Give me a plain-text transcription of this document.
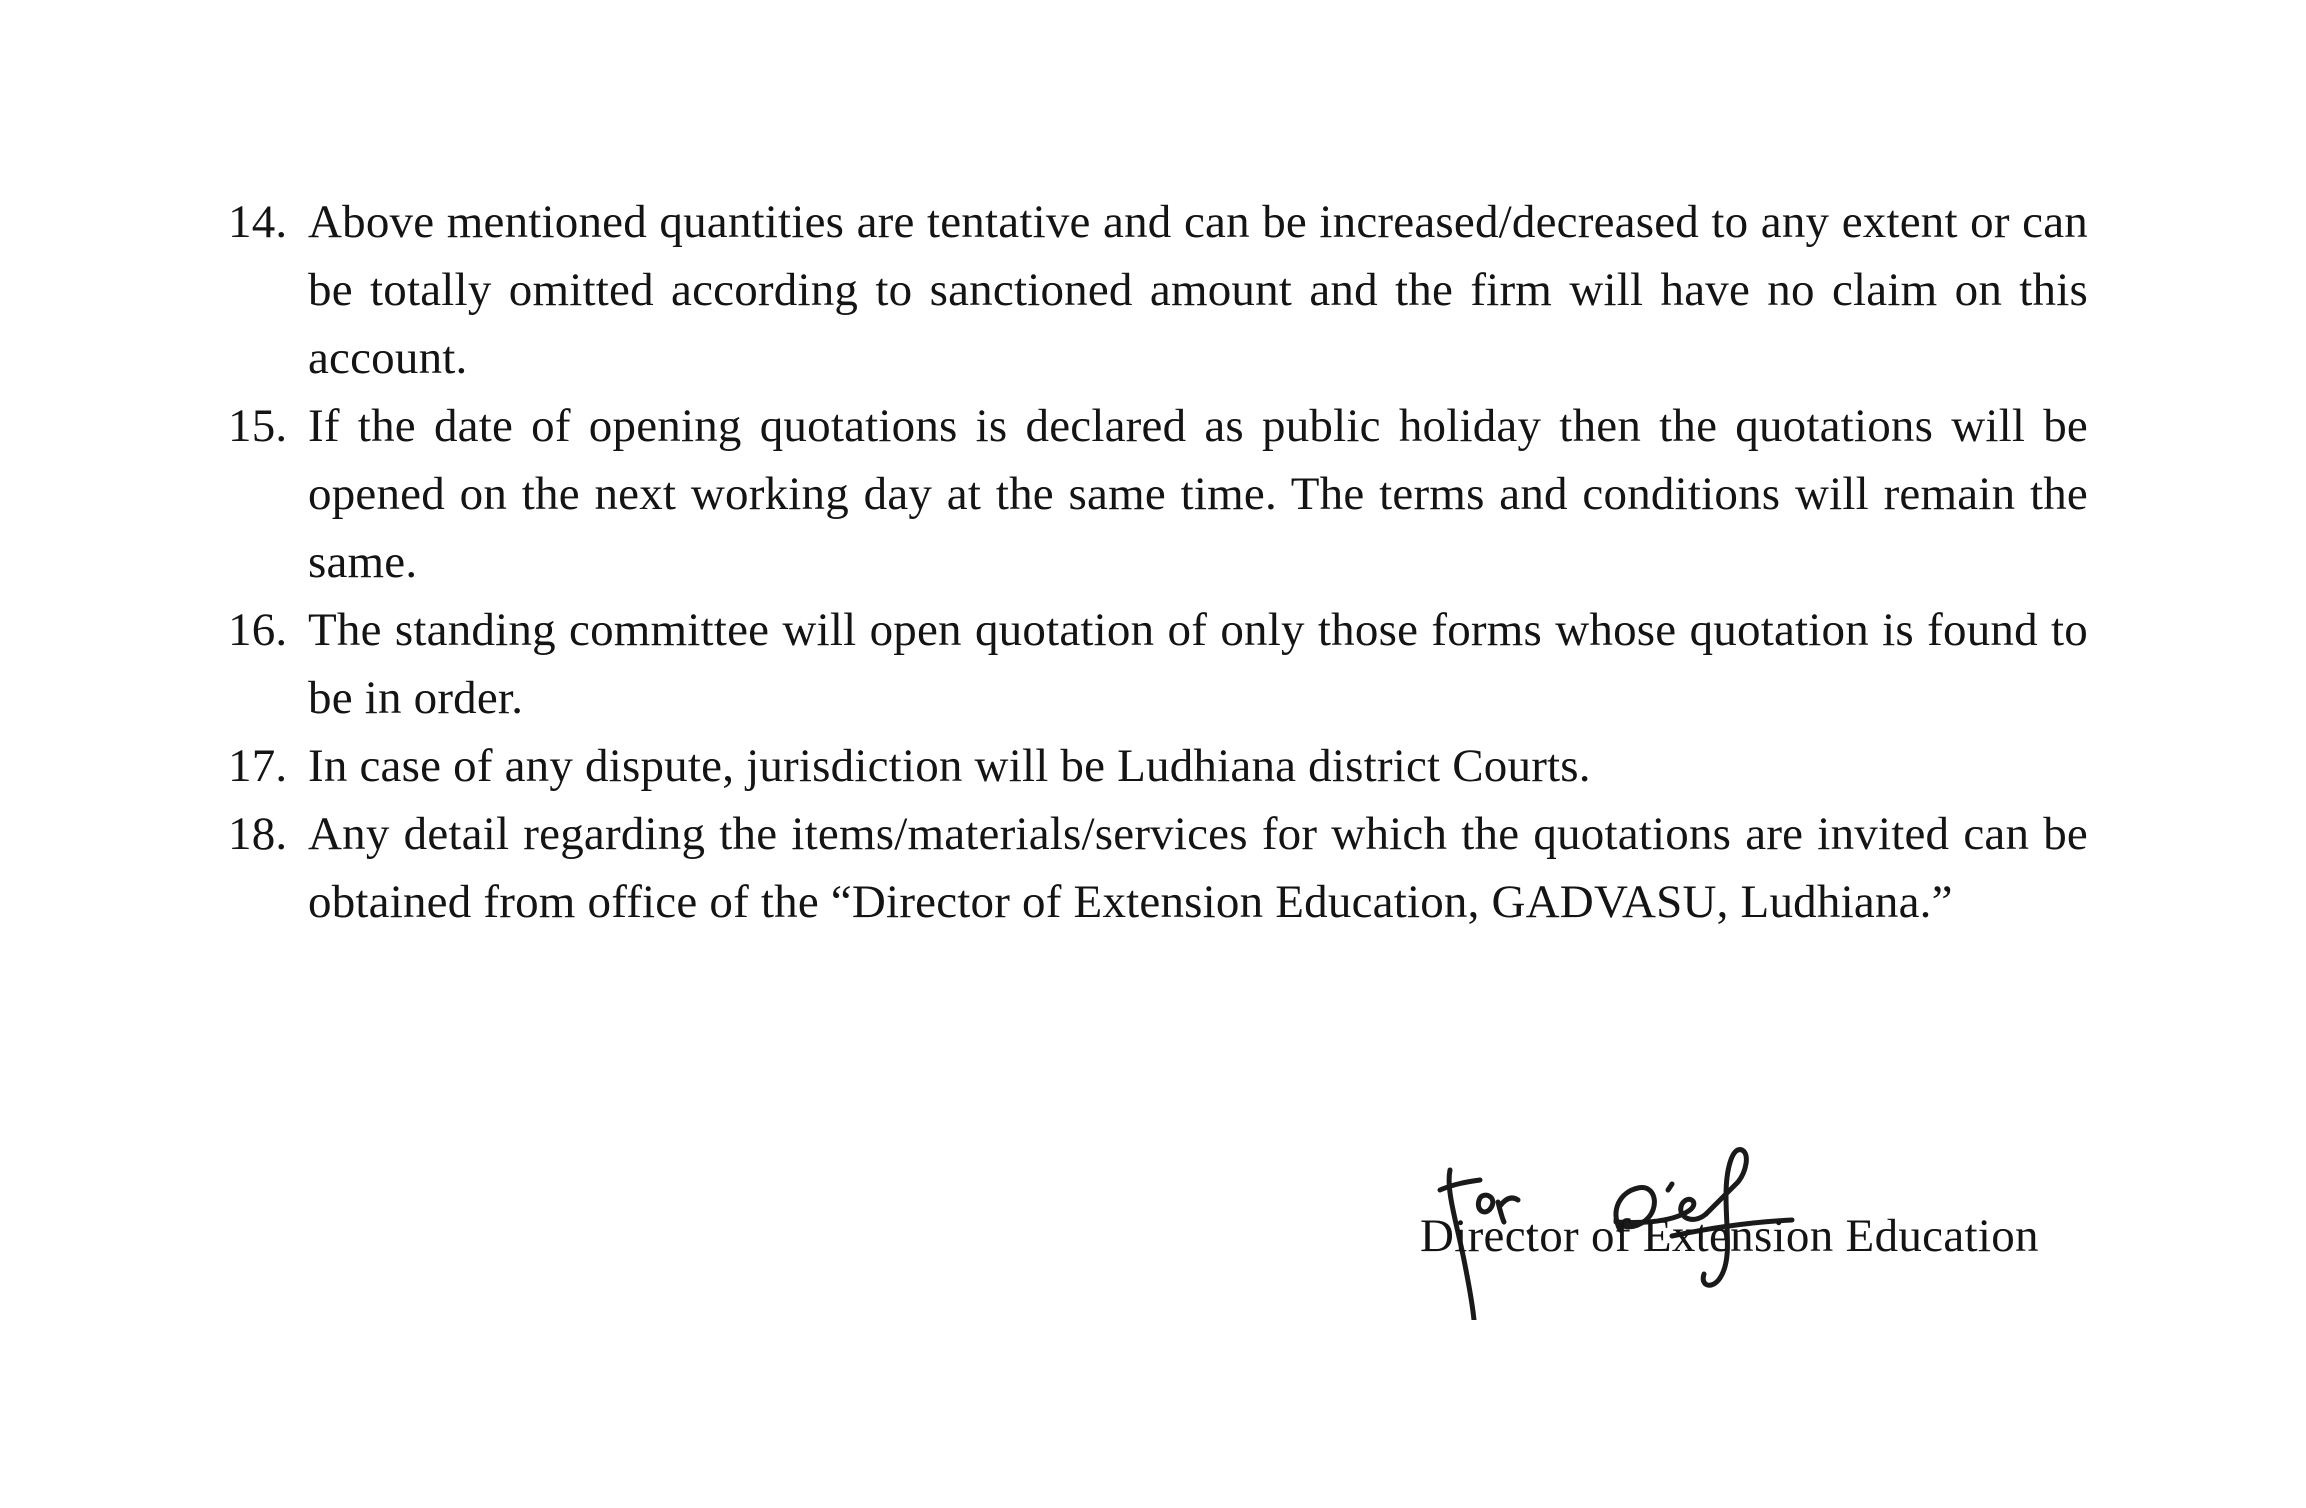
14. Above mentioned quantities are tentative and can be increased/decreased to any extent or can be totally omitted according to sanctioned amount and the firm will have no claim on this account.
15. If the date of opening quotations is declared as public holiday then the quotations will be opened on the next working day at the same time. The terms and conditions will remain the same.
16. The standing committee will open quotation of only those forms whose quotation is found to be in order.
17. In case of any dispute, jurisdiction will be Ludhiana district Courts.
18. Any detail regarding the items/materials/services for which the quotations are invited can be obtained from office of the “Director of Extension Education, GADVASU, Ludhiana.”
Director of Extension Education
